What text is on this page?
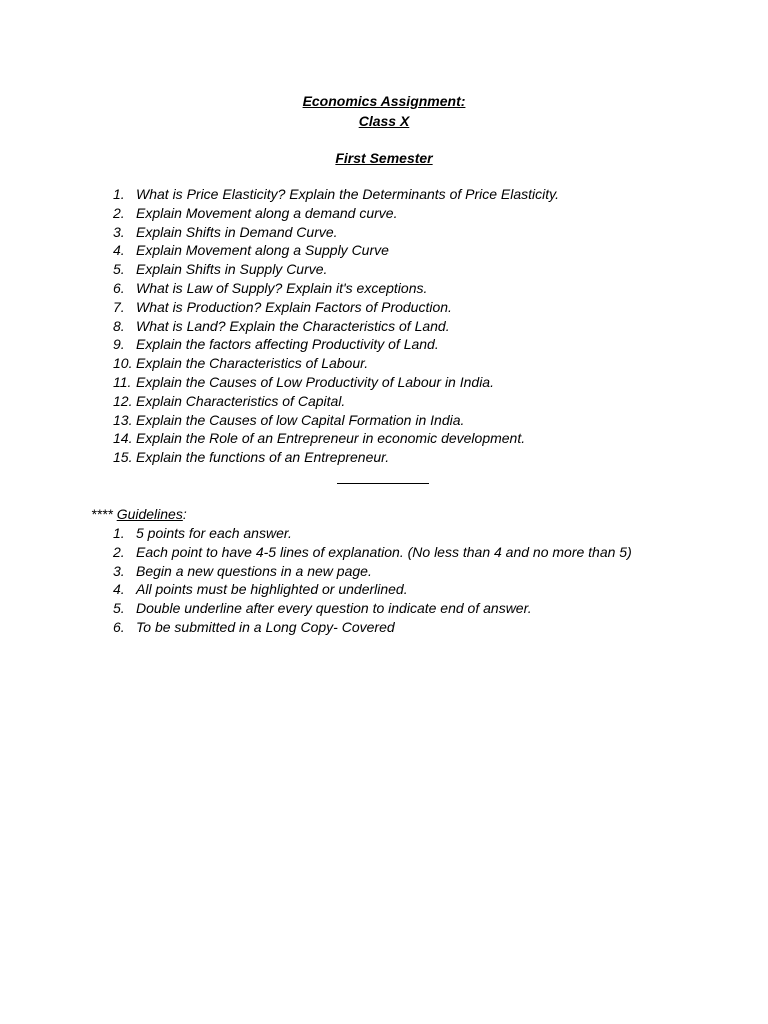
Economics Assignment:
Class X
First Semester
1. What is Price Elasticity? Explain the Determinants of Price Elasticity.
2. Explain Movement along a demand curve.
3. Explain Shifts in Demand Curve.
4. Explain Movement along a Supply Curve
5. Explain Shifts in Supply Curve.
6. What is Law of Supply? Explain it's exceptions.
7. What is Production? Explain Factors of Production.
8. What is Land? Explain the Characteristics of Land.
9. Explain the factors affecting Productivity of Land.
10. Explain the Characteristics of Labour.
11. Explain the Causes of Low Productivity of Labour in India.
12. Explain Characteristics of Capital.
13. Explain the Causes of low Capital Formation in India.
14. Explain the Role of an Entrepreneur in economic development.
15. Explain the functions of an Entrepreneur.
**** Guidelines:
1. 5 points for each answer.
2. Each point to have 4-5 lines of explanation. (No less than 4 and no more than 5)
3. Begin a new questions in a new page.
4. All points must be highlighted or underlined.
5. Double underline after every question to indicate end of answer.
6. To be submitted in a Long Copy- Covered
